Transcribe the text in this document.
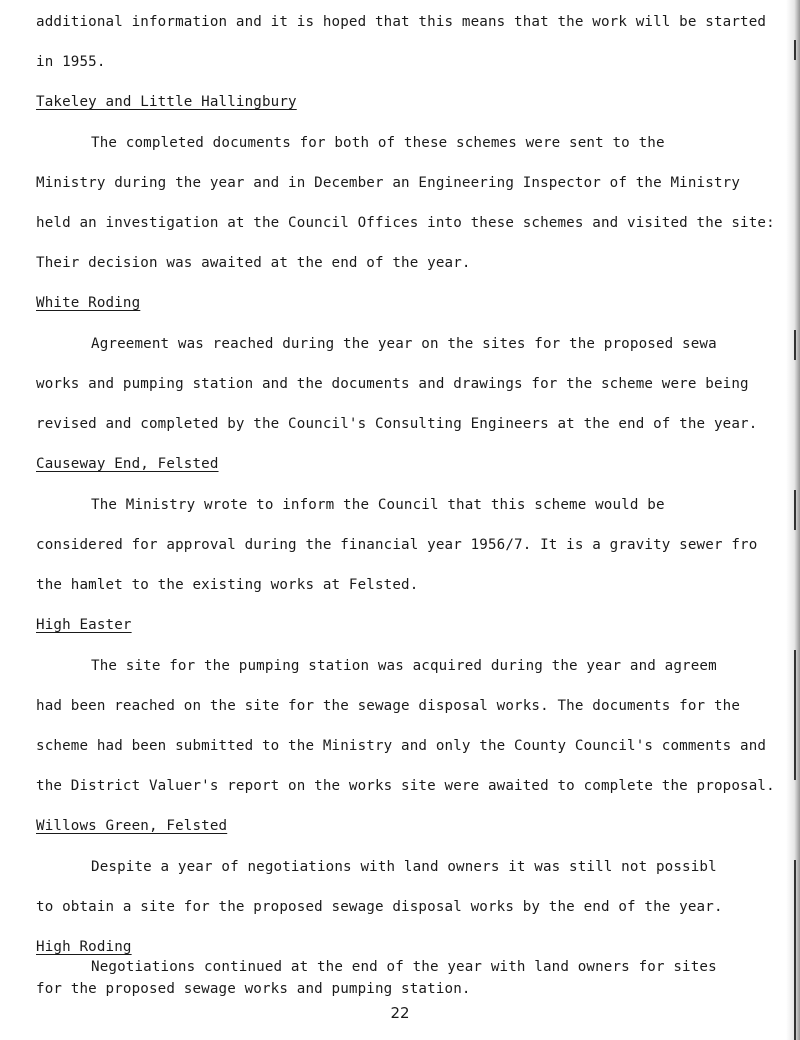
additional information and it is hoped that this means that the work will be started
in 1955.
Takeley and Little Hallingbury
The completed documents for both of these schemes were sent to the
Ministry during the year and in December an Engineering Inspector of the Ministry
held an investigation at the Council Offices into these schemes and visited the site:
Their decision was awaited at the end of the year.
White Roding
Agreement was reached during the year on the sites for the proposed sewa
works and pumping station and the documents and drawings for the scheme were being
revised and completed by the Council's Consulting Engineers at the end of the year.
Causeway End, Felsted
The Ministry wrote to inform the Council that this scheme would be
considered for approval during the financial year 1956/7. It is a gravity sewer fro
the hamlet to the existing works at Felsted.
High Easter
The site for the pumping station was acquired during the year and agreem
had been reached on the site for the sewage disposal works. The documents for the
scheme had been submitted to the Ministry and only the County Council's comments and
the District Valuer's report on the works site were awaited to complete the proposal.
Willows Green, Felsted
Despite a year of negotiations with land owners it was still not possibl
to obtain a site for the proposed sewage disposal works by the end of the year.
High Roding
22
Negotiations continued at the end of the year with land owners for sites
for the proposed sewage works and pumping station.
